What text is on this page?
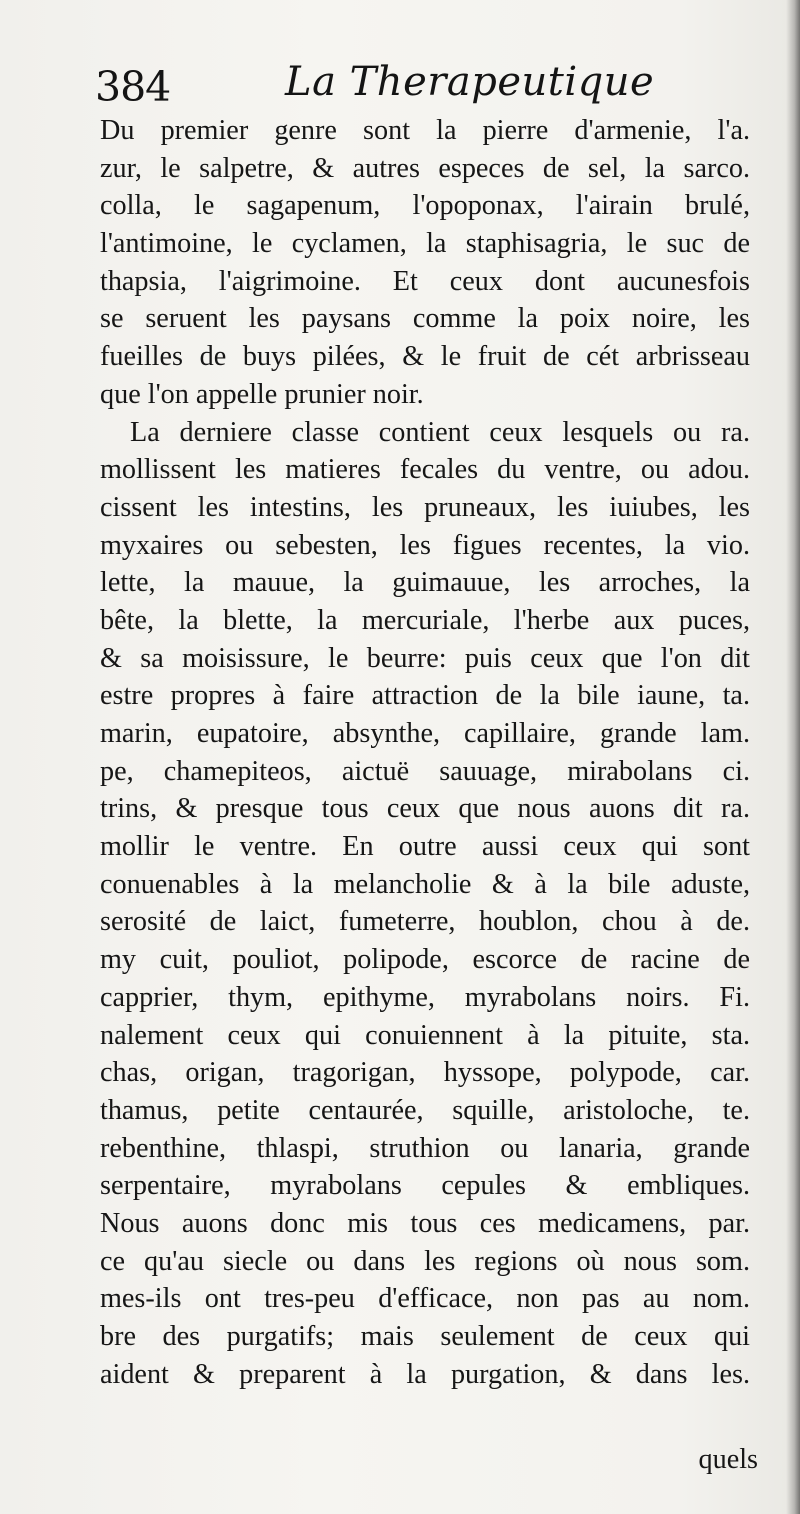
384	La Therapeutique
Du premier genre sont la pierre d'armenie, l'a.
zur, le salpetre, & autres especes de sel, la sarco.
colla, le sagapenum, l'opoponax, l'airain brulé,
l'antimoine, le cyclamen, la staphisagria, le suc de
thapsia, l'aigrimoine. Et ceux dont aucunesfois
se seruent les paysans comme la poix noire, les
fueilles de buys pilées, & le fruit de cét arbrisseau
que l'on appelle prunier noir.
La derniere classe contient ceux lesquels ou ra.
mollissent les matieres fecales du ventre, ou adou.
cissent les intestins, les pruneaux, les iuiubes, les
myxaires ou sebesten, les figues recentes, la vio.
lette, la mauue, la guimauue, les arroches, la
bête, la blette, la mercuriale, l'herbe aux puces,
& sa moisissure, le beurre: puis ceux que l'on dit
estre propres à faire attraction de la bile iaune, ta.
marin, eupatoire, absynthe, capillaire, grande lam.
pe, chamepiteos, aictuë sauuage, mirabolans ci.
trins, & presque tous ceux que nous auons dit ra.
mollir le ventre. En outre aussi ceux qui sont
conuenables à la melancholie & à la bile aduste,
serosité de laict, fumeterre, houblon, chou à de.
my cuit, pouliot, polipode, escorce de racine de
capprier, thym, epithyme, myrabolans noirs. Fi.
nalement ceux qui conuiennent à la pituite, sta.
chas, origan, tragorigan, hyssope, polypode, car.
thamus, petite centaurée, squille, aristoloche, te.
rebenthine, thlaspi, struthion ou lanaria, grande
serpentaire, myrabolans cepules & embliques.
Nous auons donc mis tous ces medicamens, par.
ce qu'au siecle ou dans les regions où nous som.
mes-ils ont tres-peu d'efficace, non pas au nom.
bre des purgatifs; mais seulement de ceux qui
aident & preparent à la purgation, & dans les.
quels
